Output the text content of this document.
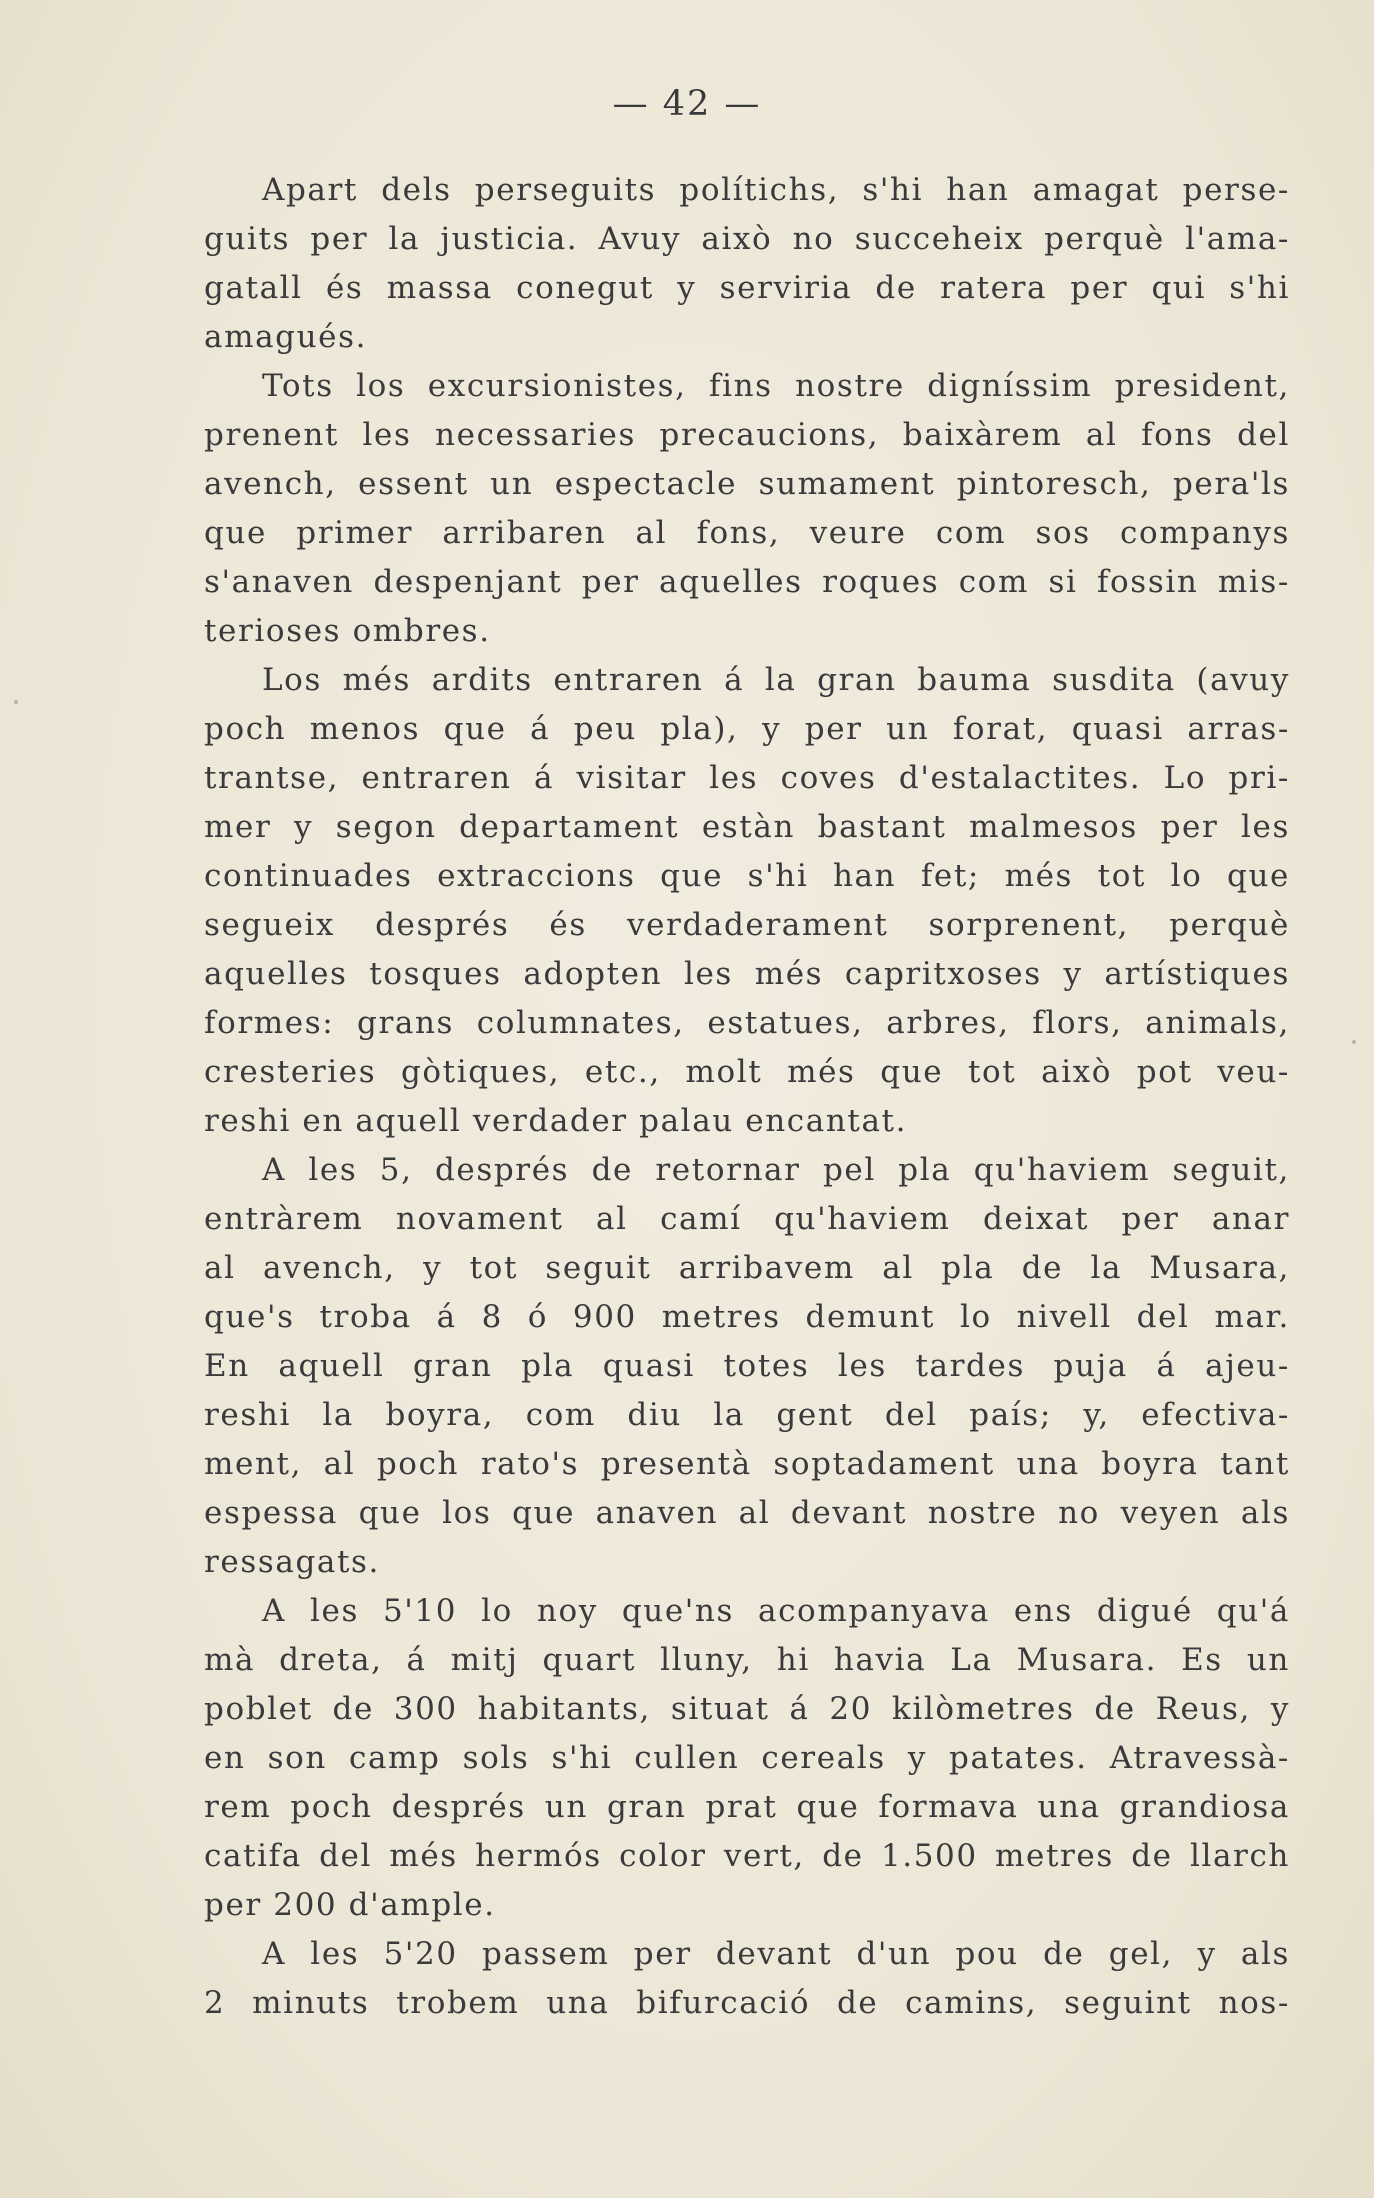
— 42 —
Apart dels perseguits polítichs, s'hi han amagat perse-
guits per la justicia. Avuy això no succeheix perquè l'ama-
gatall és massa conegut y serviria de ratera per qui s'hi
amagués.
Tots los excursionistes, fins nostre digníssim president,
prenent les necessaries precaucions, baixàrem al fons del
avench, essent un espectacle sumament pintoresch, pera'ls
que primer arribaren al fons, veure com sos companys
s'anaven despenjant per aquelles roques com si fossin mis-
terioses ombres.
Los més ardits entraren á la gran bauma susdita (avuy
poch menos que á peu pla), y per un forat, quasi arras-
trantse, entraren á visitar les coves d'estalactites. Lo pri-
mer y segon departament estàn bastant malmesos per les
continuades extraccions que s'hi han fet; més tot lo que
segueix després és verdaderament sorprenent, perquè
aquelles tosques adopten les més capritxoses y artístiques
formes: grans columnates, estatues, arbres, flors, animals,
cresteries gòtiques, etc., molt més que tot això pot veu-
reshi en aquell verdader palau encantat.
A les 5, després de retornar pel pla qu'haviem seguit,
entràrem novament al camí qu'haviem deixat per anar
al avench, y tot seguit arribavem al pla de la Musara,
que's troba á 8 ó 900 metres demunt lo nivell del mar.
En aquell gran pla quasi totes les tardes puja á ajeu-
reshi la boyra, com diu la gent del país; y, efectiva-
ment, al poch rato's presentà soptadament una boyra tant
espessa que los que anaven al devant nostre no veyen als
ressagats.
A les 5'10 lo noy que'ns acompanyava ens digué qu'á
mà dreta, á mitj quart lluny, hi havia La Musara. Es un
poblet de 300 habitants, situat á 20 kilòmetres de Reus, y
en son camp sols s'hi cullen cereals y patates. Atravessà-
rem poch després un gran prat que formava una grandiosa
catifa del més hermós color vert, de 1.500 metres de llarch
per 200 d'ample.
A les 5'20 passem per devant d'un pou de gel, y als
2 minuts trobem una bifurcació de camins, seguint nos-
